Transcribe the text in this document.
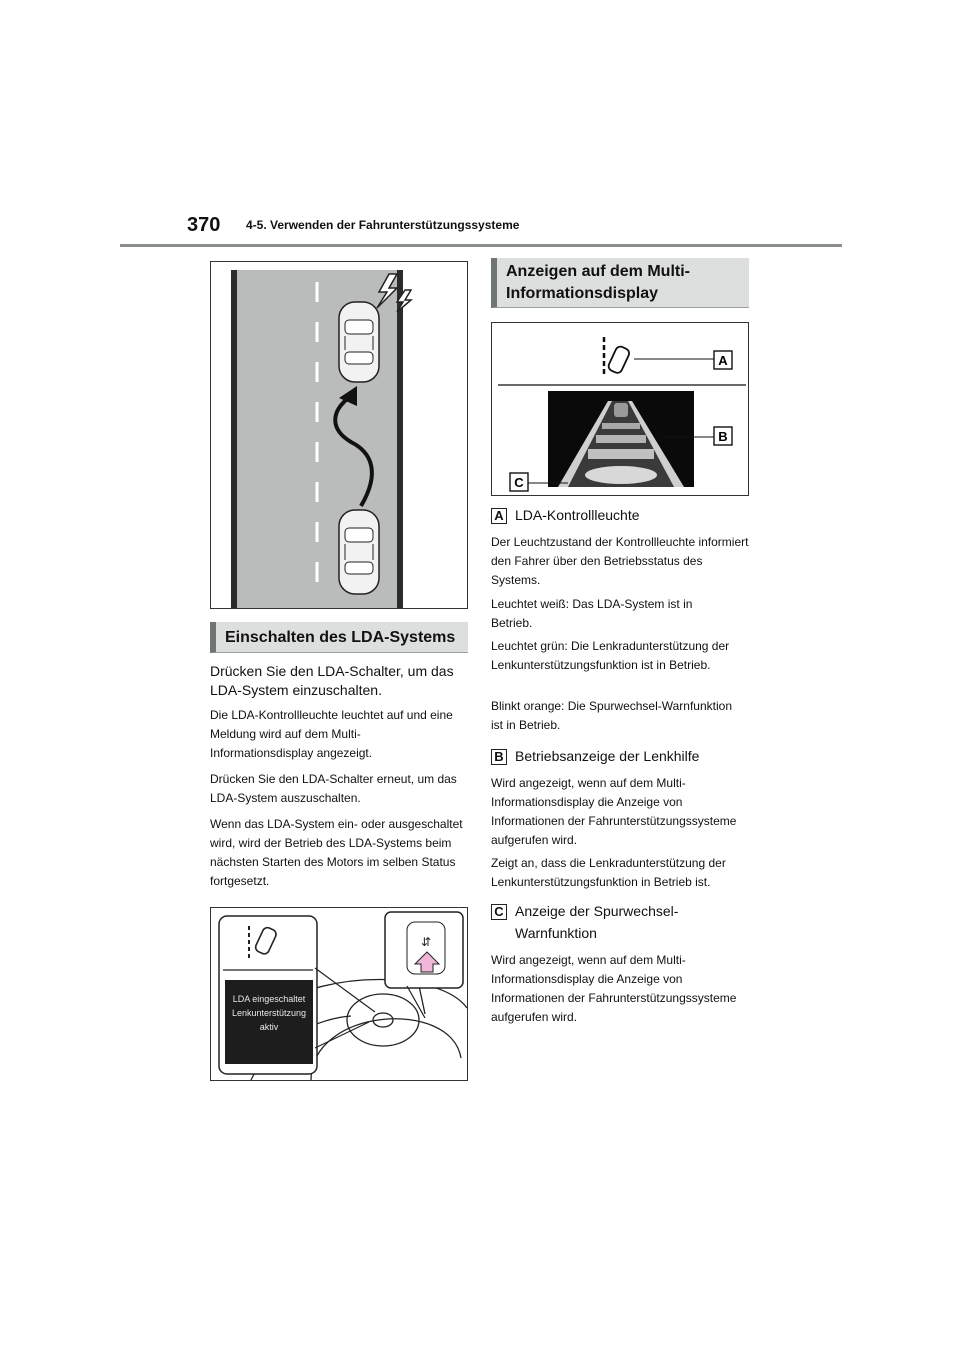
370 4-5. Verwenden der Fahrunterstützungssysteme

Einschalten des LDA-Systems

Drücken Sie den LDA-Schalter, um das LDA-System einzuschalten.

Die LDA-Kontrollleuchte leuchtet auf und eine Meldung wird auf dem Multi-Informationsdisplay angezeigt.

Drücken Sie den LDA-Schalter erneut, um das LDA-System auszuschalten.

Wenn das LDA-System ein- oder ausgeschaltet wird, wird der Betrieb des LDA-Systems beim nächsten Starten des Motors im selben Status fortgesetzt.

LDA eingeschaltet
Lenkunterstützung
aktiv
⇵
Anzeigen auf dem Multi-Informationsdisplay
A
B
C
A LDA-Kontrollleuchte

Der Leuchtzustand der Kontrollleuchte informiert den Fahrer über den Betriebsstatus des Systems.

Leuchtet weiß: Das LDA-System ist in Betrieb.

Leuchtet grün: Die Lenkradunterstützung der Lenkunterstützungsfunktion ist in Betrieb.

Blinkt orange: Die Spurwechsel-Warnfunktion ist in Betrieb.

B Betriebsanzeige der Lenkhilfe

Wird angezeigt, wenn auf dem Multi-Informationsdisplay die Anzeige von Informationen der Fahrunterstützungssysteme aufgerufen wird.

Zeigt an, dass die Lenkradunterstützung der Lenkunterstützungsfunktion in Betrieb ist.

C Anzeige der Spurwechsel-Warnfunktion

Wird angezeigt, wenn auf dem Multi-Informationsdisplay die Anzeige von Informationen der Fahrunterstützungssysteme aufgerufen wird.
